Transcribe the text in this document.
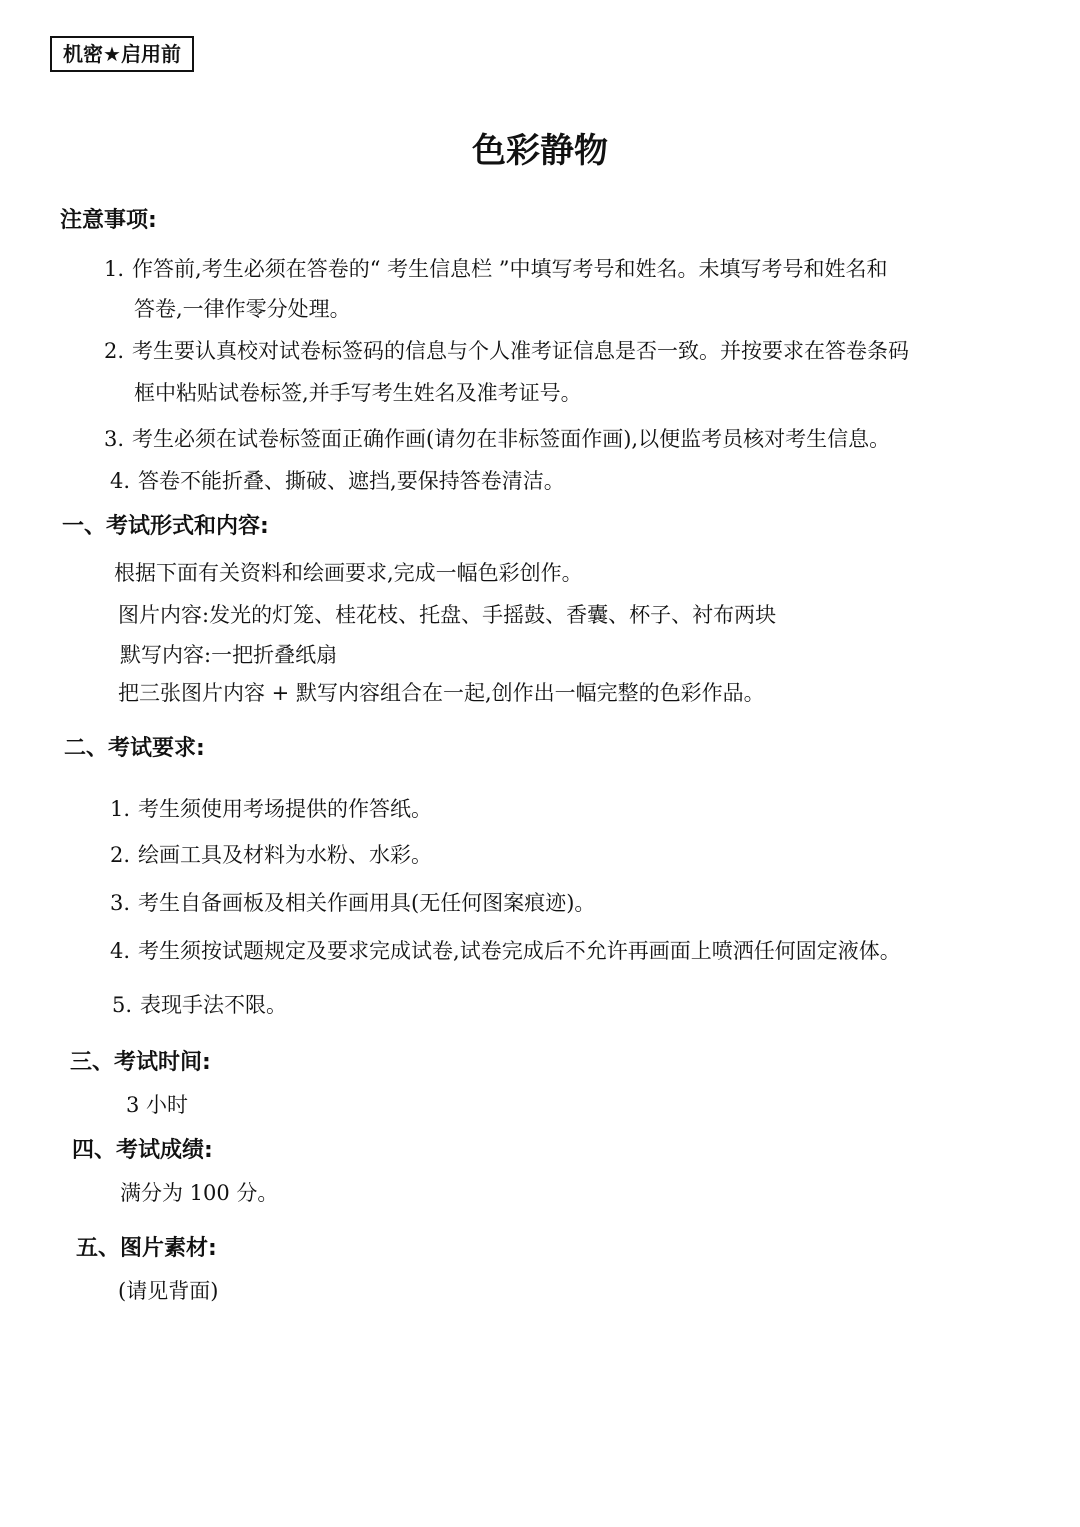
机密★启用前
色彩静物
注意事项:
1. 作答前,考生必须在答卷的“ 考生信息栏 ”中填写考号和姓名。未填写考号和姓名和
答卷,一律作零分处理。
2. 考生要认真校对试卷标签码的信息与个人准考证信息是否一致。并按要求在答卷条码
框中粘贴试卷标签,并手写考生姓名及准考证号。
3. 考生必须在试卷标签面正确作画(请勿在非标签面作画),以便监考员核对考生信息。
4. 答卷不能折叠、撕破、遮挡,要保持答卷清洁。
一、考试形式和内容:
根据下面有关资料和绘画要求,完成一幅色彩创作。
图片内容:发光的灯笼、桂花枝、托盘、手摇鼓、香囊、杯子、衬布两块
默写内容:一把折叠纸扇
把三张图片内容 + 默写内容组合在一起,创作出一幅完整的色彩作品。
二、考试要求:
1. 考生须使用考场提供的作答纸。
2. 绘画工具及材料为水粉、水彩。
3. 考生自备画板及相关作画用具(无任何图案痕迹)。
4. 考生须按试题规定及要求完成试卷,试卷完成后不允许再画面上喷洒任何固定液体。
5. 表现手法不限。
三、考试时间:
3 小时
四、考试成绩:
满分为 100 分。
五、图片素材:
(请见背面)
